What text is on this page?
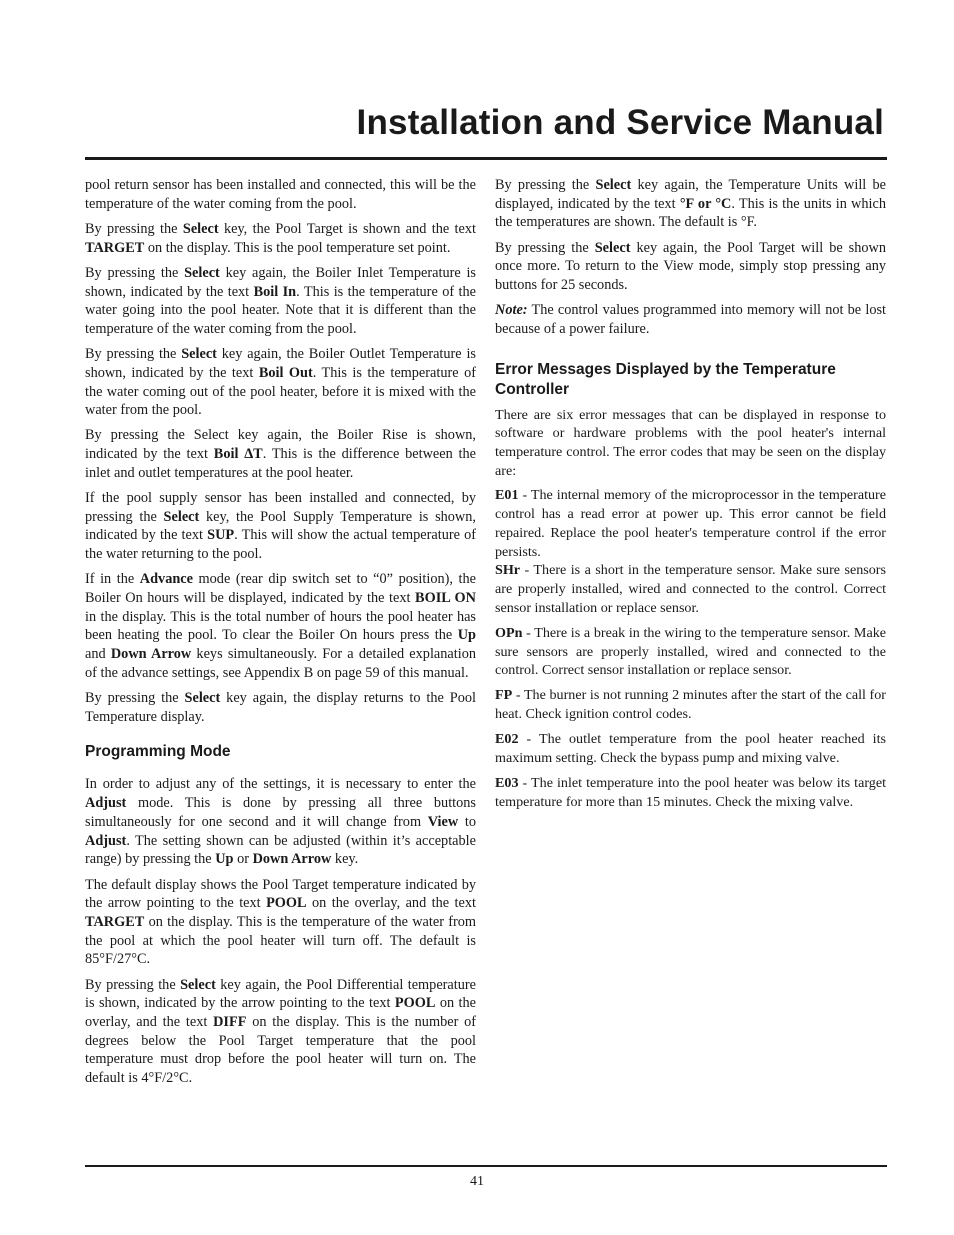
Installation and Service Manual

pool return sensor has been installed and connected, this will be the temperature of the water coming from the pool.

By pressing the Select key, the Pool Target is shown and the text TARGET on the display. This is the pool temperature set point.

By pressing the Select key again, the Boiler Inlet Temperature is shown, indicated by the text Boil In. This is the temperature of the water going into the pool heater. Note that it is different than the temperature of the water coming from the pool.

By pressing the Select key again, the Boiler Outlet Temperature is shown, indicated by the text Boil Out. This is the temperature of the water coming out of the pool heater, before it is mixed with the water from the pool.

By pressing the Select key again, the Boiler Rise is shown, indicated by the text Boil ΔT. This is the difference between the inlet and outlet temperatures at the pool heater.

If the pool supply sensor has been installed and connected, by pressing the Select key, the Pool Supply Temperature is shown, indicated by the text SUP. This will show the actual temperature of the water returning to the pool.

If in the Advance mode (rear dip switch set to “0” position), the Boiler On hours will be displayed, indicated by the text BOIL ON in the display. This is the total number of hours the pool heater has been heating the pool. To clear the Boiler On hours press the Up and Down Arrow keys simultaneously. For a detailed explanation of the advance settings, see Appendix B on page 59 of this manual.

By pressing the Select key again, the display returns to the Pool Temperature display.

Programming Mode

In order to adjust any of the settings, it is necessary to enter the Adjust mode. This is done by pressing all three buttons simultaneously for one second and it will change from View to Adjust. The setting shown can be adjusted (within it’s acceptable range) by pressing the Up or Down Arrow key.

The default display shows the Pool Target temperature indicated by the arrow pointing to the text POOL on the overlay, and the text TARGET on the display. This is the temperature of the water from the pool at which the pool heater will turn off. The default is 85°F/27°C.

By pressing the Select key again, the Pool Differential temperature is shown, indicated by the arrow pointing to the text POOL on the overlay, and the text DIFF on the display. This is the number of degrees below the Pool Target temperature that the pool temperature must drop before the pool heater will turn on. The default is 4°F/2°C.

By pressing the Select key again, the Temperature Units will be displayed, indicated by the text °F or °C. This is the units in which the temperatures are shown. The default is °F.

By pressing the Select key again, the Pool Target will be shown once more. To return to the View mode, simply stop pressing any buttons for 25 seconds.

Note: The control values programmed into memory will not be lost because of a power failure.

Error Messages Displayed by the Temperature Controller

There are six error messages that can be displayed in response to software or hardware problems with the pool heater's internal temperature control. The error codes that may be seen on the display are:

E01 - The internal memory of the microprocessor in the temperature control has a read error at power up. This error cannot be field repaired. Replace the pool heater's temperature control if the error persists.

SHr - There is a short in the temperature sensor. Make sure sensors are properly installed, wired and connected to the control. Correct sensor installation or replace sensor.

OPn - There is a break in the wiring to the temperature sensor. Make sure sensors are properly installed, wired and connected to the control. Correct sensor installation or replace sensor.

FP - The burner is not running 2 minutes after the start of the call for heat. Check ignition control codes.

E02 - The outlet temperature from the pool heater reached its maximum setting. Check the bypass pump and mixing valve.

E03 - The inlet temperature into the pool heater was below its target temperature for more than 15 minutes. Check the mixing valve.

41
